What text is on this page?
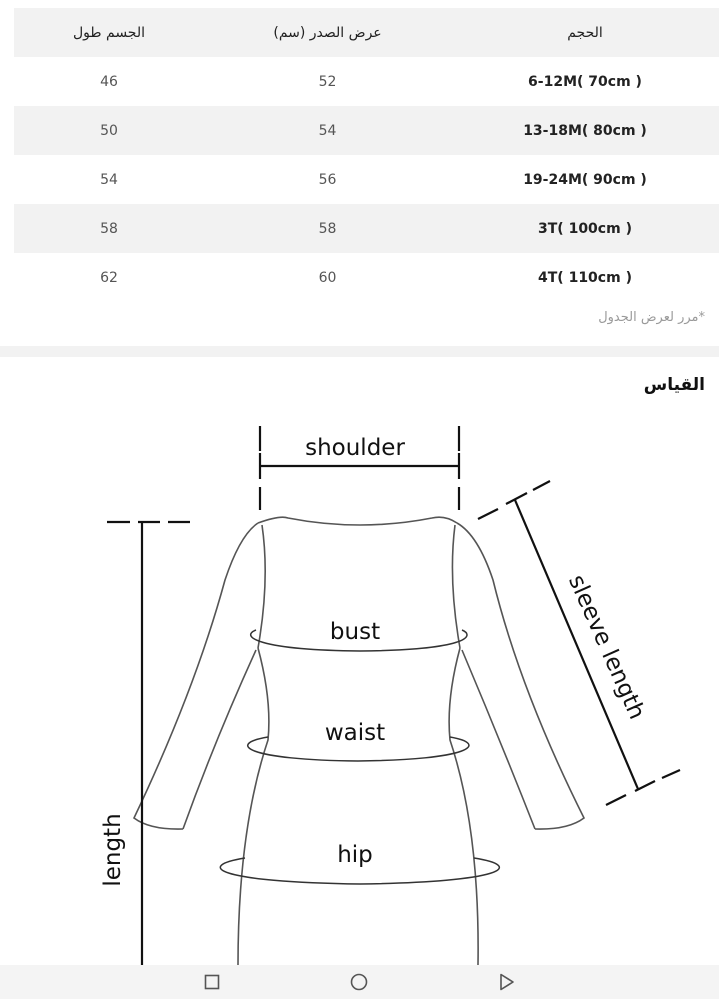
الجسم طول	عرض الصدر (سم)	الحجم
46	52	6-12M( 70cm )
50	54	13-18M( 80cm )
54	56	19-24M( 90cm )
58	58	3T( 100cm )
62	60	4T( 110cm )
*مرر لعرض الجدول
القياس
shoulder
bust
waist
hip
sleeve length
length
